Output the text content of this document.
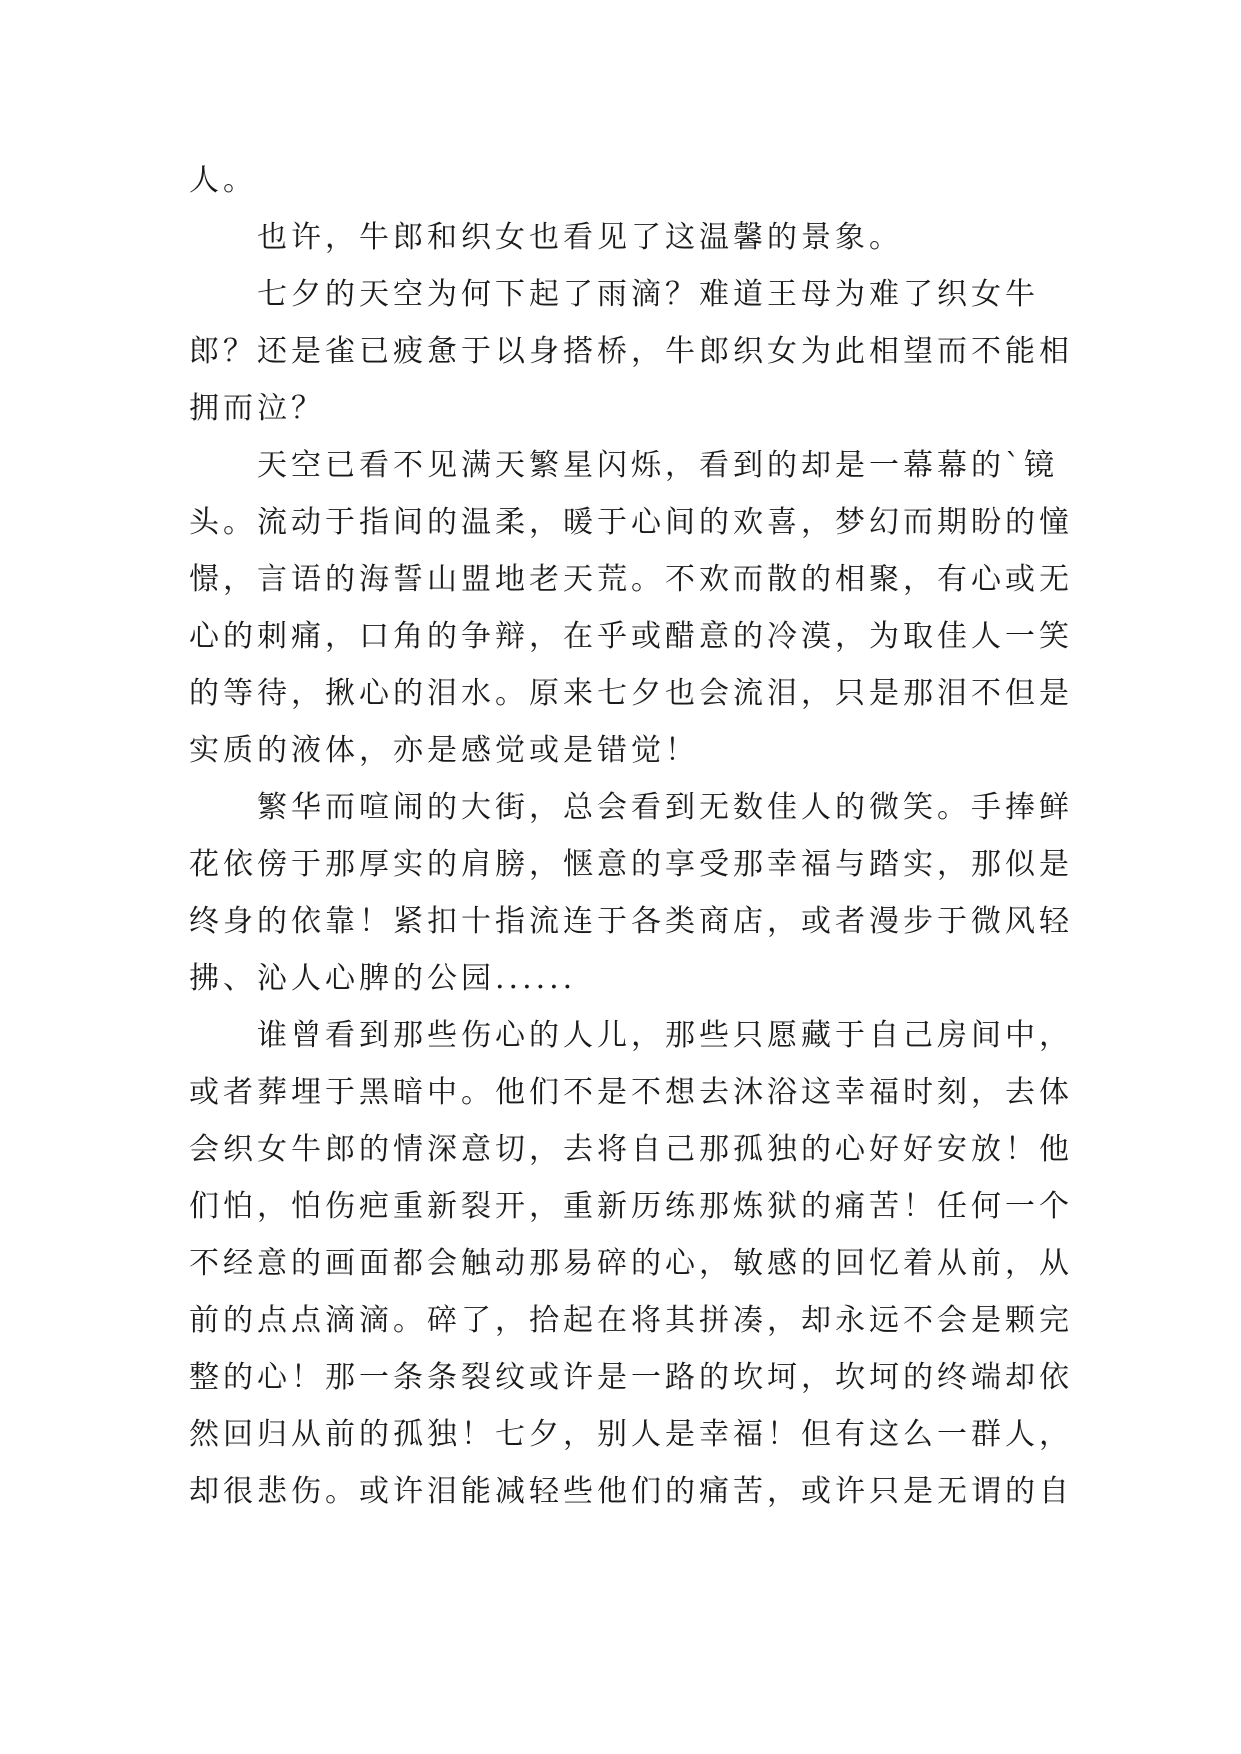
人。
也许，牛郎和织女也看见了这温馨的景象。
七夕的天空为何下起了雨滴？难道王母为难了织女牛
郎？还是雀已疲惫于以身搭桥，牛郎织女为此相望而不能相
拥而泣？
天空已看不见满天繁星闪烁，看到的却是一幕幕的`镜
头。流动于指间的温柔，暖于心间的欢喜，梦幻而期盼的憧
憬，言语的海誓山盟地老天荒。不欢而散的相聚，有心或无
心的刺痛，口角的争辩，在乎或醋意的冷漠，为取佳人一笑
的等待，揪心的泪水。原来七夕也会流泪，只是那泪不但是
实质的液体，亦是感觉或是错觉！
繁华而喧闹的大街，总会看到无数佳人的微笑。手捧鲜
花依傍于那厚实的肩膀，惬意的享受那幸福与踏实，那似是
终身的依靠！紧扣十指流连于各类商店，或者漫步于微风轻
拂、沁人心脾的公园......
谁曾看到那些伤心的人儿，那些只愿藏于自己房间中，
或者葬埋于黑暗中。他们不是不想去沐浴这幸福时刻，去体
会织女牛郎的情深意切，去将自己那孤独的心好好安放！他
们怕，怕伤疤重新裂开，重新历练那炼狱的痛苦！任何一个
不经意的画面都会触动那易碎的心，敏感的回忆着从前，从
前的点点滴滴。碎了，拾起在将其拼凑，却永远不会是颗完
整的心！那一条条裂纹或许是一路的坎坷，坎坷的终端却依
然回归从前的孤独！七夕，别人是幸福！但有这么一群人，
却很悲伤。或许泪能减轻些他们的痛苦，或许只是无谓的自
